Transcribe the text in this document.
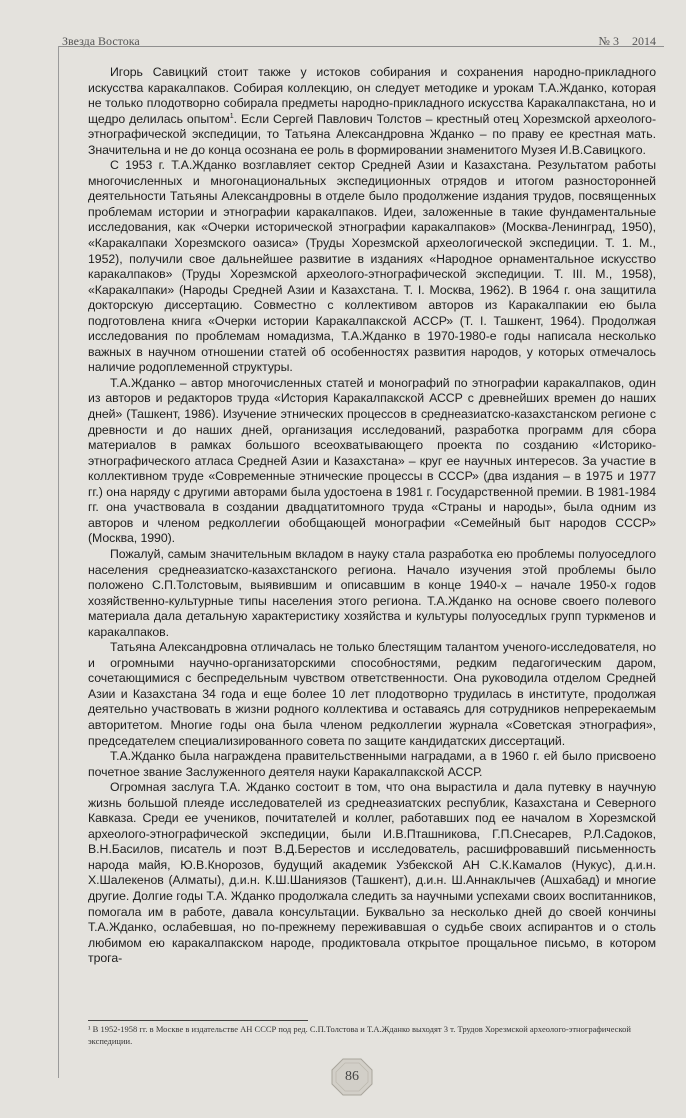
Звезда Востока	№ 3 2014

Игорь Савицкий стоит также у истоков собирания и сохранения народно-прикладного искусства каракалпаков. Собирая коллекцию, он следует методике и урокам Т.А.Жданко, которая не только плодотворно собирала предметы народно-прикладного искусства Каракалпакстана, но и щедро делилась опытом$^1$. Если Сергей Павлович Толстов – крестный отец Хорезмской археолого-этнографической экспедиции, то Татьяна Александровна Жданко – по праву ее крестная мать. Значительна и не до конца осознана ее роль в формировании знаменитого Музея И.В.Савицкого.

С 1953 г. Т.А.Жданко возглавляет сектор Средней Азии и Казахстана. Результатом работы многочисленных и многонациональных экспедиционных отрядов и итогом разносторонней деятельности Татьяны Александровны в отделе было продолжение издания трудов, посвященных проблемам истории и этнографии каракалпаков. Идеи, заложенные в такие фундаментальные исследования, как «Очерки исторической этнографии каракалпаков» (Москва-Ленинград, 1950), «Каракалпаки Хорезмского оазиса» (Труды Хорезмской археологической экспедиции. Т. 1. М., 1952), получили свое дальнейшее развитие в изданиях «Народное орнаментальное искусство каракалпаков» (Труды Хорезмской археолого-этнографической экспедиции. Т. III. М., 1958), «Каракалпаки» (Народы Средней Азии и Казахстана. Т. I. Москва, 1962). В 1964 г. она защитила докторскую диссертацию. Совместно с коллективом авторов из Каракалпакии ею была подготовлена книга «Очерки истории Каракалпакской АССР» (Т. I. Ташкент, 1964). Продолжая исследования по проблемам номадизма, Т.А.Жданко в 1970-1980-е годы написала несколько важных в научном отношении статей об особенностях развития народов, у которых отмечалось наличие родоплеменной структуры.

Т.А.Жданко – автор многочисленных статей и монографий по этнографии каракалпаков, один из авторов и редакторов труда «История Каракалпакской АССР с древнейших времен до наших дней» (Ташкент, 1986). Изучение этнических процессов в среднеазиатско-казахстанском регионе с древности и до наших дней, организация исследований, разработка программ для сбора материалов в рамках большого всеохватывающего проекта по созданию «Историко-этнографического атласа Средней Азии и Казахстана» – круг ее научных интересов. За участие в коллективном труде «Современные этнические процессы в СССР» (два издания – в 1975 и 1977 гг.) она наряду с другими авторами была удостоена в 1981 г. Государственной премии. В 1981-1984 гг. она участвовала в создании двадцатитомного труда «Страны и народы», была одним из авторов и членом редколлегии обобщающей монографии «Семейный быт народов СССР» (Москва, 1990).

Пожалуй, самым значительным вкладом в науку стала разработка ею проблемы полуоседлого населения среднеазиатско-казахстанского региона. Начало изучения этой проблемы было положено С.П.Толстовым, выявившим и описавшим в конце 1940-х – начале 1950-х годов хозяйственно-культурные типы населения этого региона. Т.А.Жданко на основе своего полевого материала дала детальную характеристику хозяйства и культуры полуоседлых групп туркменов и каракалпаков.

Татьяна Александровна отличалась не только блестящим талантом ученого-исследователя, но и огромными научно-организаторскими способностями, редким педагогическим даром, сочетающимися с беспредельным чувством ответственности. Она руководила отделом Средней Азии и Казахстана 34 года и еще более 10 лет плодотворно трудилась в институте, продолжая деятельно участвовать в жизни родного коллектива и оставаясь для сотрудников непререкаемым авторитетом. Многие годы она была членом редколлегии журнала «Советская этнография», председателем специализированного совета по защите кандидатских диссертаций.

Т.А.Жданко была награждена правительственными наградами, а в 1960 г. ей было присвоено почетное звание Заслуженного деятеля науки Каракалпакской АССР.

Огромная заслуга Т.А. Жданко состоит в том, что она вырастила и дала путевку в научную жизнь большой плеяде исследователей из среднеазиатских республик, Казахстана и Северного Кавказа. Среди ее учеников, почитателей и коллег, работавших под ее началом в Хорезмской археолого-этнографической экспедиции, были И.В.Пташникова, Г.П.Снесарев, Р.Л.Садоков, В.Н.Басилов, писатель и поэт В.Д.Берестов и исследователь, расшифровавший письменность народа майя, Ю.В.Кнорозов, будущий академик Узбекской АН С.К.Камалов (Нукус), д.и.н. Х.Шалекенов (Алматы), д.и.н. К.Ш.Шаниязов (Ташкент), д.и.н. Ш.Аннаклычев (Ашхабад) и многие другие. Долгие годы Т.А. Жданко продолжала следить за научными успехами своих воспитанников, помогала им в работе, давала консультации. Буквально за несколько дней до своей кончины Т.А.Жданко, ослабевшая, но по-прежнему переживавшая о судьбе своих аспирантов и о столь любимом ею каракалпакском народе, продиктовала открытое прощальное письмо, в котором трога-

¹ В 1952-1958 гг. в Москве в издательстве АН СССР под ред. С.П.Толстова и Т.А.Жданко выходят 3 т. Трудов Хорезмской археолого-этнографической экспедиции.
86
